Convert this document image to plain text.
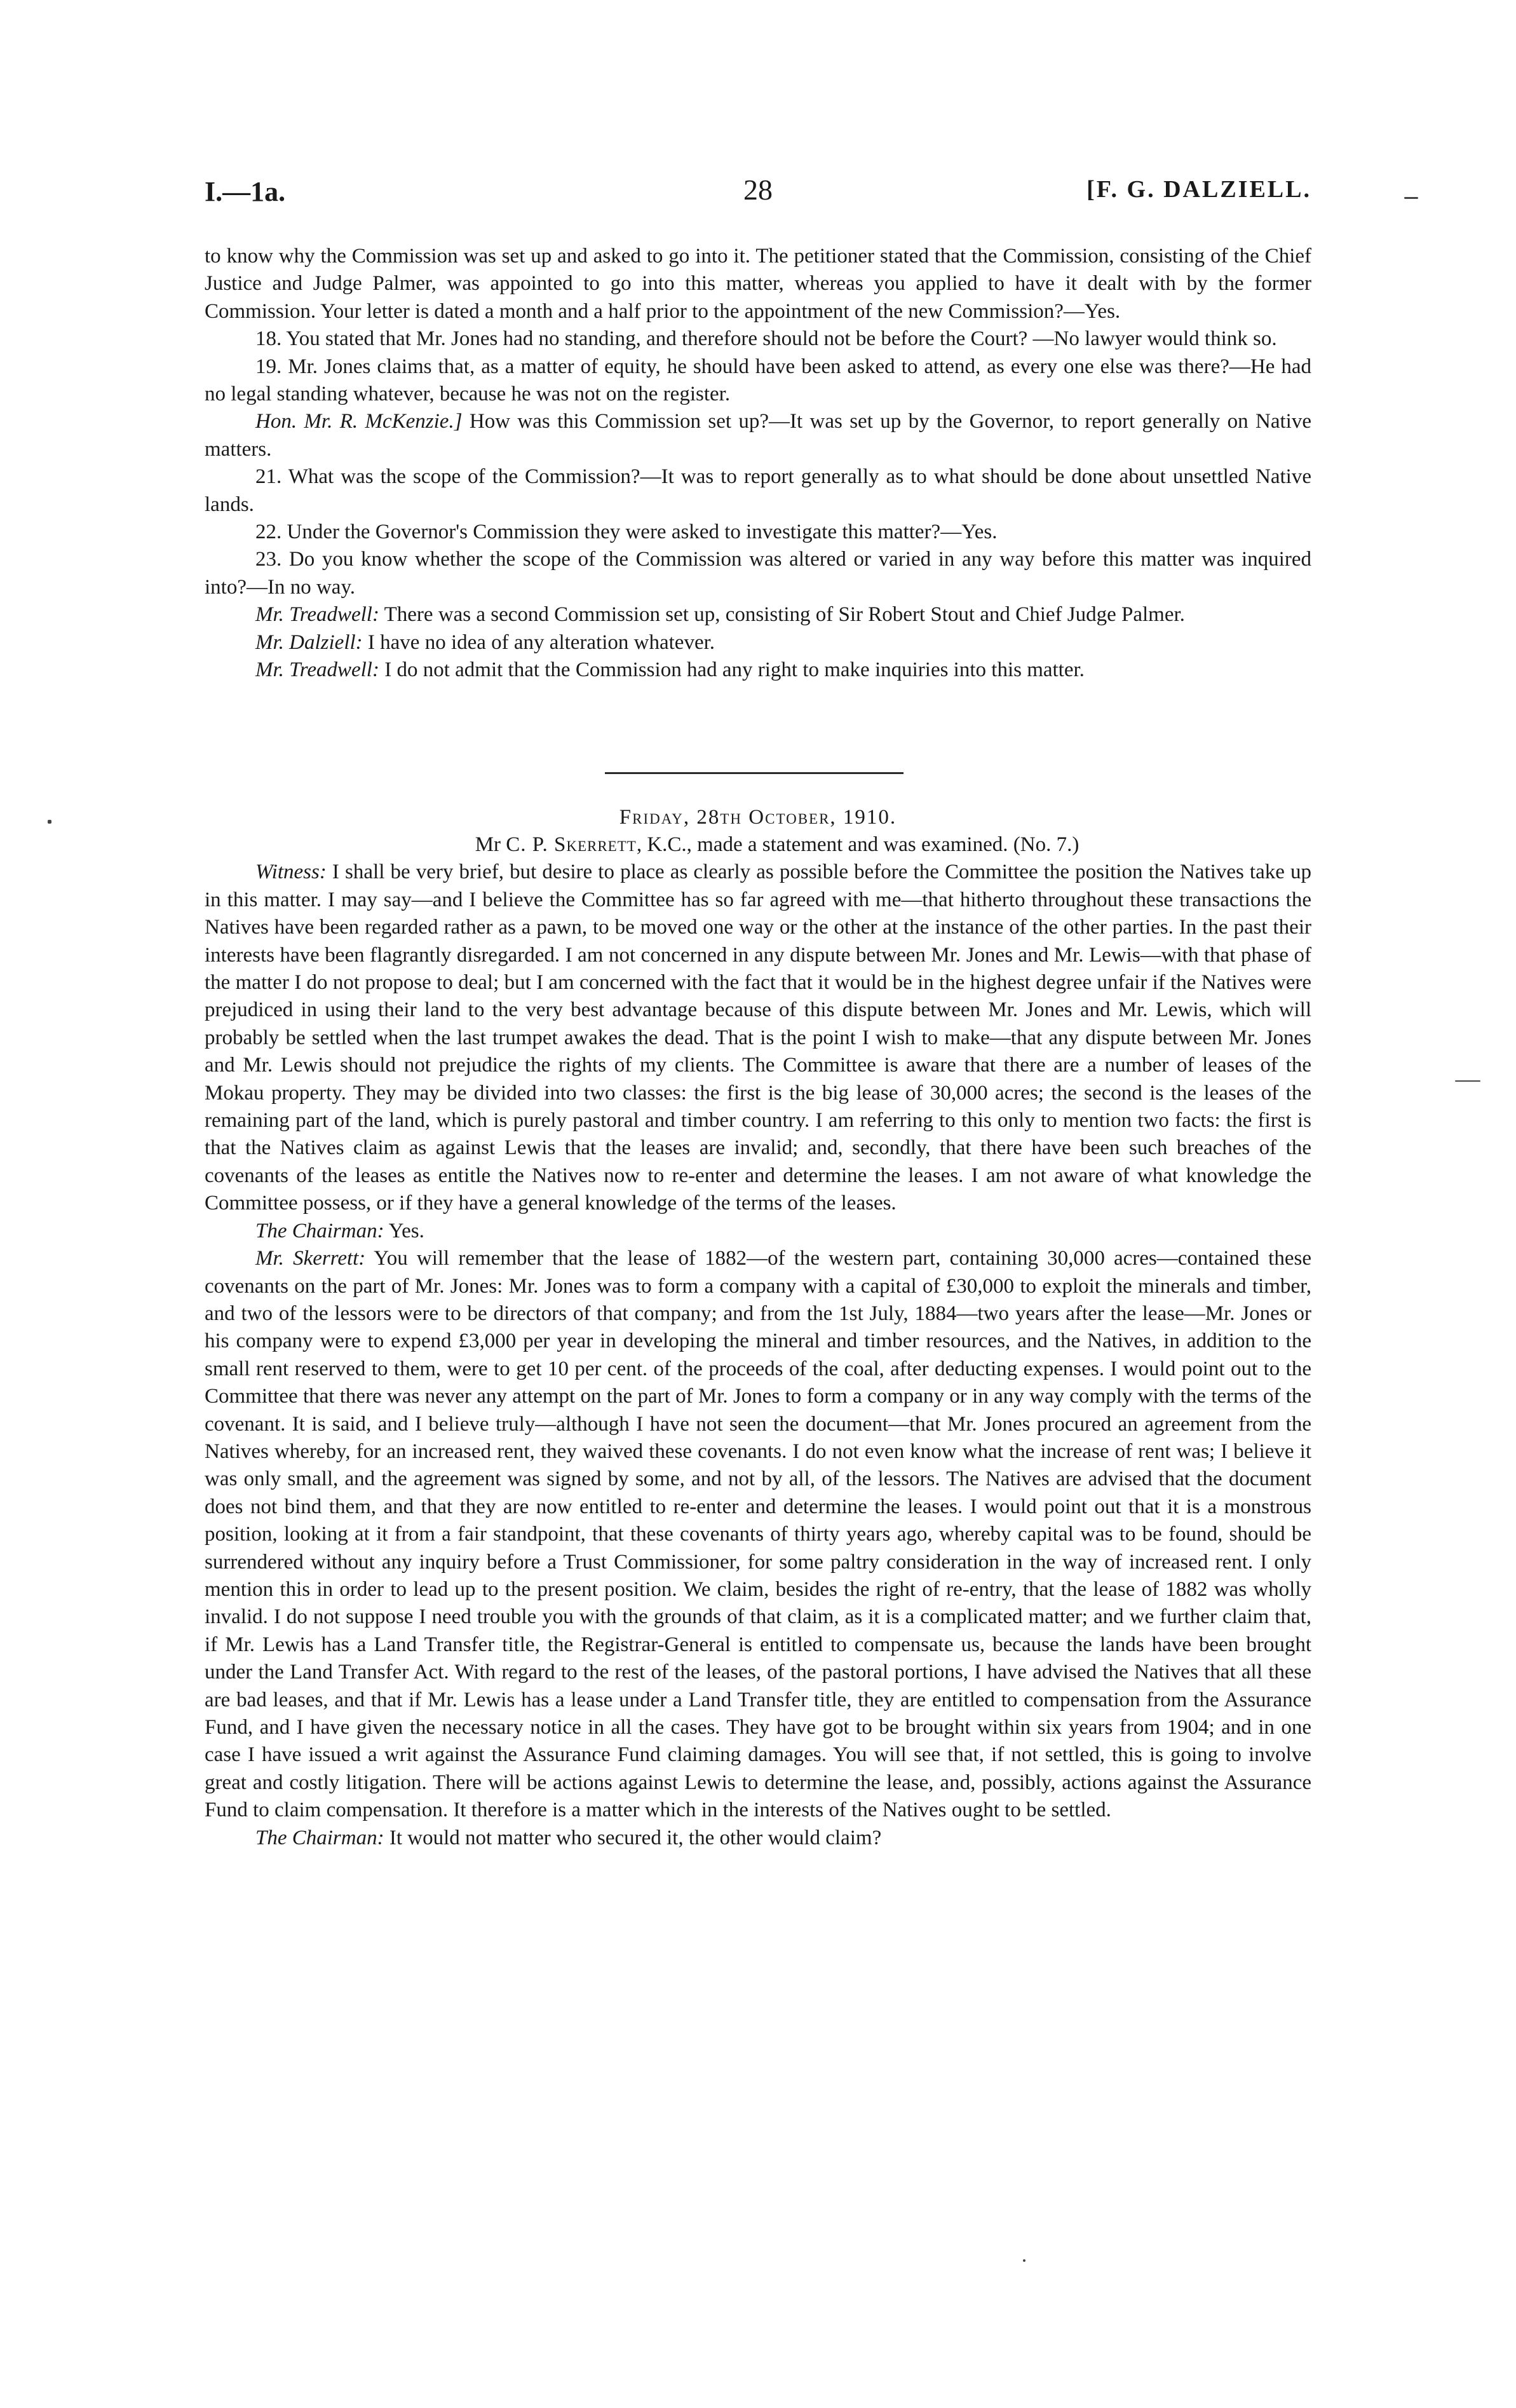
I.—1a.	28	[F. G. DALZIELL.

to know why the Commission was set up and asked to go into it. The petitioner stated that the Commission, consisting of the Chief Justice and Judge Palmer, was appointed to go into this matter, whereas you applied to have it dealt with by the former Commission. Your letter is dated a month and a half prior to the appointment of the new Commission?—Yes.

18. You stated that Mr. Jones had no standing, and therefore should not be before the Court? —No lawyer would think so.

19. Mr. Jones claims that, as a matter of equity, he should have been asked to attend, as every one else was there?—He had no legal standing whatever, because he was not on the register.

Hon. Mr. R. McKenzie.] How was this Commission set up?—It was set up by the Governor, to report generally on Native matters.

21. What was the scope of the Commission?—It was to report generally as to what should be done about unsettled Native lands.

22. Under the Governor's Commission they were asked to investigate this matter?—Yes.

23. Do you know whether the scope of the Commission was altered or varied in any way before this matter was inquired into?—In no way.

Mr. Treadwell: There was a second Commission set up, consisting of Sir Robert Stout and Chief Judge Palmer.

Mr. Dalziell: I have no idea of any alteration whatever.

Mr. Treadwell: I do not admit that the Commission had any right to make inquiries into this matter.

Friday, 28th October, 1910.

Mr C. P. Skerrett, K.C., made a statement and was examined. (No. 7.)

Witness: I shall be very brief, but desire to place as clearly as possible before the Committee the position the Natives take up in this matter. I may say—and I believe the Committee has so far agreed with me—that hitherto throughout these transactions the Natives have been regarded rather as a pawn, to be moved one way or the other at the instance of the other parties. In the past their interests have been flagrantly disregarded. I am not concerned in any dispute between Mr. Jones and Mr. Lewis—with that phase of the matter I do not propose to deal; but I am concerned with the fact that it would be in the highest degree unfair if the Natives were prejudiced in using their land to the very best advantage because of this dispute between Mr. Jones and Mr. Lewis, which will probably be settled when the last trumpet awakes the dead. That is the point I wish to make—that any dispute between Mr. Jones and Mr. Lewis should not prejudice the rights of my clients. The Committee is aware that there are a number of leases of the Mokau property. They may be divided into two classes: the first is the big lease of 30,000 acres; the second is the leases of the remaining part of the land, which is purely pastoral and timber country. I am referring to this only to mention two facts: the first is that the Natives claim as against Lewis that the leases are invalid; and, secondly, that there have been such breaches of the covenants of the leases as entitle the Natives now to re-enter and determine the leases. I am not aware of what knowledge the Committee possess, or if they have a general knowledge of the terms of the leases.

The Chairman: Yes.

Mr. Skerrett: You will remember that the lease of 1882—of the western part, containing 30,000 acres—contained these covenants on the part of Mr. Jones: Mr. Jones was to form a company with a capital of £30,000 to exploit the minerals and timber, and two of the lessors were to be directors of that company; and from the 1st July, 1884—two years after the lease—Mr. Jones or his company were to expend £3,000 per year in developing the mineral and timber resources, and the Natives, in addition to the small rent reserved to them, were to get 10 per cent. of the proceeds of the coal, after deducting expenses. I would point out to the Committee that there was never any attempt on the part of Mr. Jones to form a company or in any way comply with the terms of the covenant. It is said, and I believe truly—although I have not seen the document—that Mr. Jones procured an agreement from the Natives whereby, for an increased rent, they waived these covenants. I do not even know what the increase of rent was; I believe it was only small, and the agreement was signed by some, and not by all, of the lessors. The Natives are advised that the document does not bind them, and that they are now entitled to re-enter and determine the leases. I would point out that it is a monstrous position, looking at it from a fair standpoint, that these covenants of thirty years ago, whereby capital was to be found, should be surrendered without any inquiry before a Trust Commissioner, for some paltry consideration in the way of increased rent. I only mention this in order to lead up to the present position. We claim, besides the right of re-entry, that the lease of 1882 was wholly invalid. I do not suppose I need trouble you with the grounds of that claim, as it is a complicated matter; and we further claim that, if Mr. Lewis has a Land Transfer title, the Registrar-General is entitled to compensate us, because the lands have been brought under the Land Transfer Act. With regard to the rest of the leases, of the pastoral portions, I have advised the Natives that all these are bad leases, and that if Mr. Lewis has a lease under a Land Transfer title, they are entitled to compensation from the Assurance Fund, and I have given the necessary notice in all the cases. They have got to be brought within six years from 1904; and in one case I have issued a writ against the Assurance Fund claiming damages. You will see that, if not settled, this is going to involve great and costly litigation. There will be actions against Lewis to determine the lease, and, possibly, actions against the Assurance Fund to claim compensation. It therefore is a matter which in the interests of the Natives ought to be settled.

The Chairman: It would not matter who secured it, the other would claim?
